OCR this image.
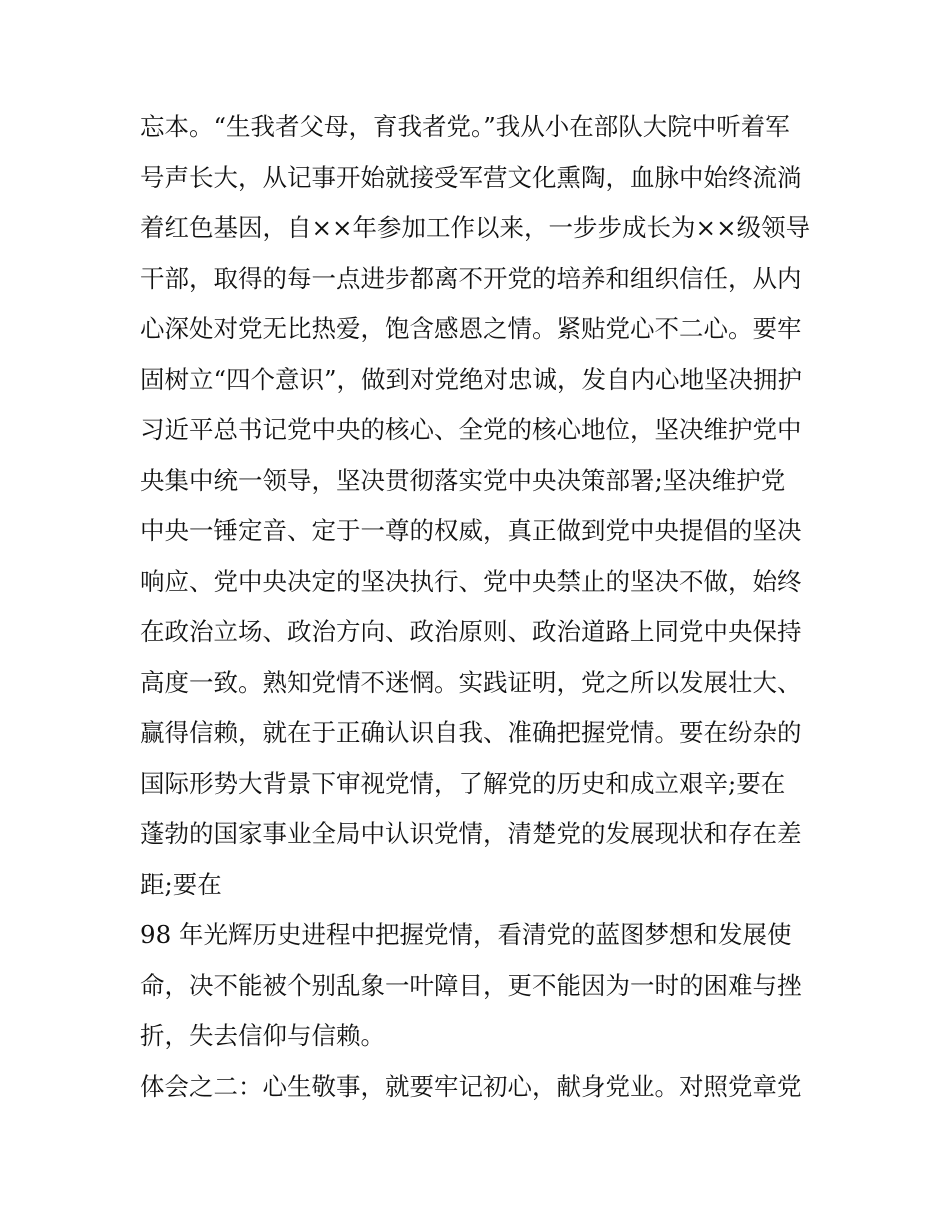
忘本。“生我者父母，育我者党。”我从小在部队大院中听着军
号声长大，从记事开始就接受军营文化熏陶，血脉中始终流淌
着红色基因，自××年参加工作以来，一步步成长为××级领导
干部，取得的每一点进步都离不开党的培养和组织信任，从内
心深处对党无比热爱，饱含感恩之情。紧贴党心不二心。要牢
固树立“四个意识”，做到对党绝对忠诚，发自内心地坚决拥护
习近平总书记党中央的核心、全党的核心地位，坚决维护党中
央集中统一领导，坚决贯彻落实党中央决策部署;坚决维护党
中央一锤定音、定于一尊的权威，真正做到党中央提倡的坚决
响应、党中央决定的坚决执行、党中央禁止的坚决不做，始终
在政治立场、政治方向、政治原则、政治道路上同党中央保持
高度一致。熟知党情不迷惘。实践证明，党之所以发展壮大、
赢得信赖，就在于正确认识自我、准确把握党情。要在纷杂的
国际形势大背景下审视党情，了解党的历史和成立艰辛;要在
蓬勃的国家事业全局中认识党情，清楚党的发展现状和存在差
距;要在
98 年光辉历史进程中把握党情，看清党的蓝图梦想和发展使
命，决不能被个别乱象一叶障目，更不能因为一时的困难与挫
折，失去信仰与信赖。
体会之二：心生敬事，就要牢记初心，献身党业。对照党章党
